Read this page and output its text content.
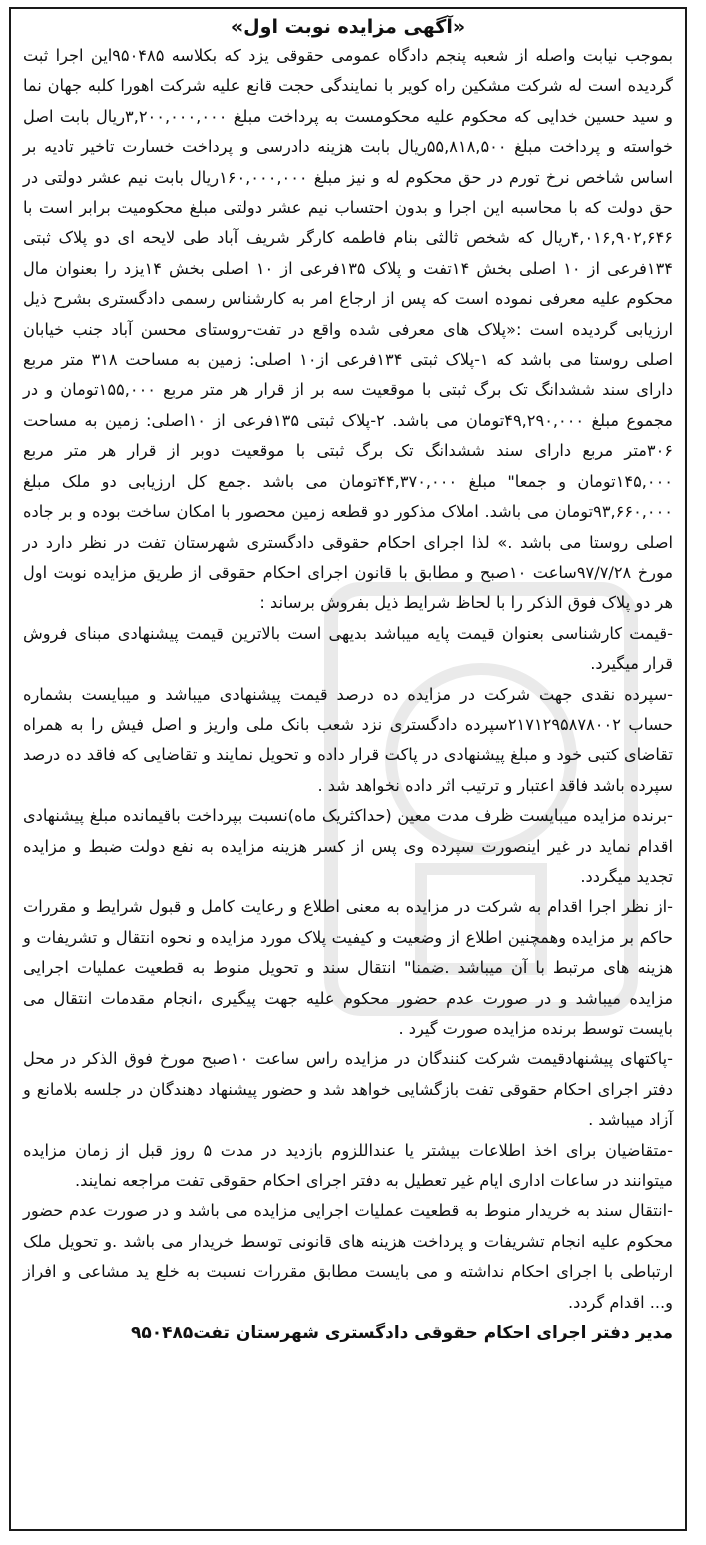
«آگهی مزایده نوبت اول»

بموجب نیابت واصله از شعبه پنجم دادگاه عمومی حقوقی یزد که بکلاسه ۹۵۰۴۸۵این اجرا ثبت گردیده است له شرکت مشکین راه کویر با نمایندگی حجت قانع علیه شرکت اهورا کلبه جهان نما و سید حسین خدایی که محکوم علیه محکومست به پرداخت مبلغ ۳,۲۰۰,۰۰۰,۰۰۰ریال بابت اصل خواسته و پرداخت مبلغ ۵۵,۸۱۸,۵۰۰ریال بابت هزینه دادرسی و پرداخت خسارت تاخیر تادیه بر اساس شاخص نرخ تورم در حق محکوم له و نیز مبلغ ۱۶۰,۰۰۰,۰۰۰ریال بابت نیم عشر دولتی در حق دولت که با محاسبه این اجرا و بدون احتساب نیم عشر دولتی مبلغ محکومیت برابر است با ۴,۰۱۶,۹۰۲,۶۴۶ریال که شخص ثالثی بنام فاطمه کارگر شریف آباد طی لایحه ای دو پلاک ثبتی ۱۳۴فرعی از ۱۰ اصلی بخش ۱۴تفت و پلاک ۱۳۵فرعی از ۱۰ اصلی بخش ۱۴یزد را بعنوان مال محکوم علیه معرفی نموده است که پس از ارجاع امر به کارشناس رسمی دادگستری بشرح ذیل ارزیابی گردیده است :«پلاک های معرفی شده واقع در تفت-روستای محسن آباد جنب خیابان اصلی روستا می باشد که ۱-پلاک ثبتی ۱۳۴فرعی از۱۰ اصلی: زمین به مساحت ۳۱۸ متر مربع دارای سند ششدانگ تک برگ ثبتی با موقعیت سه بر از قرار هر متر مربع ۱۵۵,۰۰۰تومان و در مجموع مبلغ ۴۹,۲۹۰,۰۰۰تومان می باشد. ۲-پلاک ثبتی ۱۳۵فرعی از ۱۰اصلی: زمین به مساحت ۳۰۶متر مربع دارای سند ششدانگ تک برگ ثبتی با موقعیت دوبر از قرار هر متر مربع ۱۴۵,۰۰۰تومان و جمعا" مبلغ ۴۴,۳۷۰,۰۰۰تومان می باشد .جمع کل ارزیابی دو ملک مبلغ ۹۳,۶۶۰,۰۰۰تومان می باشد. املاک مذکور دو قطعه زمین محصور با امکان ساخت بوده و بر جاده اصلی روستا می باشد .» لذا اجرای احکام حقوقی دادگستری شهرستان تفت در نظر دارد در مورخ ۹۷/۷/۲۸ساعت ۱۰صبح و مطابق با قانون اجرای احکام حقوقی از طریق مزایده نوبت اول هر دو پلاک فوق الذکر را با لحاظ شرایط ذیل بفروش برساند :

-قیمت کارشناسی بعنوان قیمت پایه میباشد بدیهی است بالاترین قیمت پیشنهادی مبنای فروش قرار میگیرد.

-سپرده نقدی جهت شرکت در مزایده ده درصد قیمت پیشنهادی میباشد و میبایست بشماره حساب ۲۱۷۱۲۹۵۸۷۸۰۰۲سپرده دادگستری نزد شعب بانک ملی واریز و اصل فیش را به همراه تقاضای کتبی خود و مبلغ پیشنهادی در پاکت قرار داده و تحویل نمایند و تقاضایی که فاقد ده درصد سپرده باشد فاقد اعتبار و ترتیب اثر داده نخواهد شد .

-برنده مزایده میبایست ظرف مدت معین (حداکثریک ماه)نسبت بپرداخت باقیمانده مبلغ پیشنهادی اقدام نماید در غیر اینصورت سپرده وی پس از کسر هزینه مزایده به نفع دولت ضبط و مزایده تجدید میگردد.

-از نظر اجرا اقدام به شرکت در مزایده به معنی اطلاع و رعایت کامل و قبول شرایط و مقررات حاکم بر مزایده وهمچنین اطلاع از وضعیت و کیفیت پلاک مورد مزایده و نحوه انتقال و تشریفات و هزینه های مرتبط با آن میباشد .ضمنا" انتقال سند و تحویل منوط به قطعیت عملیات اجرایی مزایده میباشد و در صورت عدم حضور محکوم علیه جهت پیگیری ،انجام مقدمات انتقال می بایست توسط برنده مزایده صورت گیرد .

-پاکتهای پیشنهادقیمت شرکت کنندگان در مزایده راس ساعت ۱۰صبح مورخ فوق الذکر در محل دفتر اجرای احکام حقوقی تفت بازگشایی خواهد شد و حضور پیشنهاد دهندگان در جلسه بلامانع و آزاد میباشد .

-متقاضیان برای اخذ اطلاعات بیشتر یا عنداللزوم بازدید در مدت ۵ روز قبل از زمان مزایده میتوانند در ساعات اداری ایام غیر تعطیل به دفتر اجرای احکام حقوقی تفت مراجعه نمایند.

-انتقال سند به خریدار منوط به قطعیت عملیات اجرایی مزایده می باشد و در صورت عدم حضور محکوم علیه انجام تشریفات و پرداخت هزینه های قانونی توسط خریدار می باشد .و تحویل ملک ارتباطی با اجرای احکام نداشته و می بایست مطابق مقررات نسبت به خلع ید مشاعی و افراز و... اقدام گردد.

مدیر دفتر اجرای احکام حقوقی دادگستری شهرستان تفت۹۵۰۴۸۵
